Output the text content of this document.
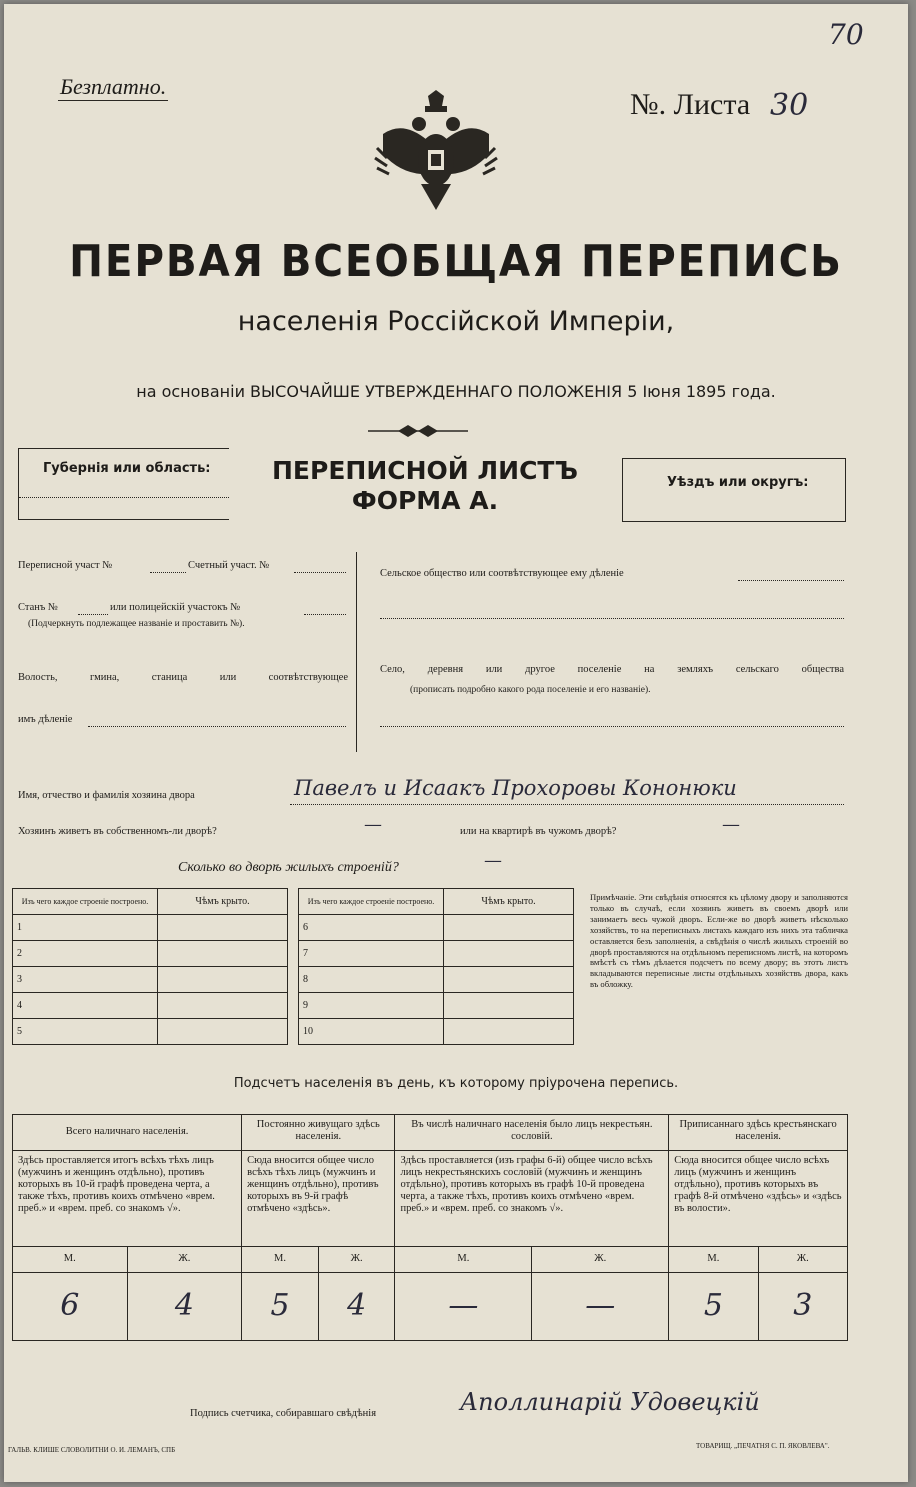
70
Безплатно.
№. Листа 30
ПЕРВАЯ ВСЕОБЩАЯ ПЕРЕПИСЬ
населенія Россійской Имперіи,
на основаніи ВЫСОЧАЙШЕ УТВЕРЖДЕННАГО ПОЛОЖЕНІЯ 5 Іюня 1895 года.
Губернія или область:	ПЕРЕПИСНОЙ ЛИСТЪ
ФОРМА А.
Уѣздъ или округъ:
Переписной участ №	Счетный участ. №
Станъ №	или полицейскій участокъ №
(Подчеркнуть подлежащее названіе и проставить №).
Волость, гмина, станица или соотвѣтствующее
имъ дѣленіе
Сельское общество или соотвѣтствующее ему дѣленіе
Село, деревня или другое поселеніе на земляхъ сельскаго общества
(прописать подробно какого рода поселеніе и его названіе).
Имя, отчество и фамилія хозяина двора	Павелъ и Исаакъ Прохоровы Кононюки
Хозяинъ живетъ въ собственномъ-ли дворѣ?	—	или на квартирѣ въ чужомъ дворѣ?	—
Сколько во дворѣ жилыхъ строеній?	—
Изъ чего каждое строеніе построено.	Чѣмъ крыто.
1	
2	
3	
4	
5	
Изъ чего каждое строеніе построено.	Чѣмъ крыто.
6	
7	
8	
9	
10	
Примѣчаніе. Эти свѣдѣнія относятся къ цѣлому двору и заполняются только въ случаѣ, если хозяинъ живетъ въ своемъ дворѣ или занимаетъ весь чужой дворъ. Если-же во дворѣ живетъ нѣсколько хозяйствъ, то на переписныхъ листахъ каждаго изъ нихъ эта табличка оставляется безъ заполненія, а свѣдѣнія о числѣ жилыхъ строеній во дворѣ проставляются на отдѣльномъ переписномъ листѣ, на которомъ вмѣстѣ съ тѣмъ дѣлается подсчетъ по всему двору; въ этотъ листъ вкладываются переписные листы отдѣльныхъ хозяйствъ двора, какъ въ обложку.
Подсчетъ населенія въ день, къ которому пріурочена перепись.
Всего наличнаго населенія.		Постоянно живущаго здѣсь населенія.		Въ числѣ наличнаго населенія было лицъ некрестьян. сословій.		Приписаннаго здѣсь крестьянскаго населенія.	
Здѣсь проставляется итогъ всѣхъ тѣхъ лицъ (мужчинъ и женщинъ отдѣльно), противъ которыхъ въ 10-й графѣ проведена черта, а также тѣхъ, противъ коихъ отмѣчено «врем. преб.» и «врем. преб. со знакомъ √».		Сюда вносится общее число всѣхъ тѣхъ лицъ (мужчинъ и женщинъ отдѣльно), противъ которыхъ въ 9-й графѣ отмѣчено «здѣсь».		Здѣсь проставляется (изъ графы 6-й) общее число всѣхъ лицъ некрестьянскихъ сословій (мужчинъ и женщинъ отдѣльно), противъ которыхъ въ графѣ 10-й проведена черта, а также тѣхъ, противъ коихъ отмѣчено «врем. преб.» и «врем. преб. со знакомъ √».		Сюда вносится общее число всѣхъ лицъ (мужчинъ и женщинъ отдѣльно), противъ которыхъ въ графѣ 8-й отмѣчено «здѣсь» и «здѣсь въ волости».	
М.	Ж.	М.	Ж.	М.	Ж.	М.	Ж.
6	4	5	4	—	—	5	3
Подпись счетчика, собиравшаго свѣдѣнія	Аполлинарій Удовецкій
ГАЛЬВ. КЛИШЕ СЛОВОЛИТНИ О. И. ЛЕМАНЪ, СПБ	ТОВАРИЩ. „ПЕЧАТНЯ С. П. ЯКОВЛЕВА".
